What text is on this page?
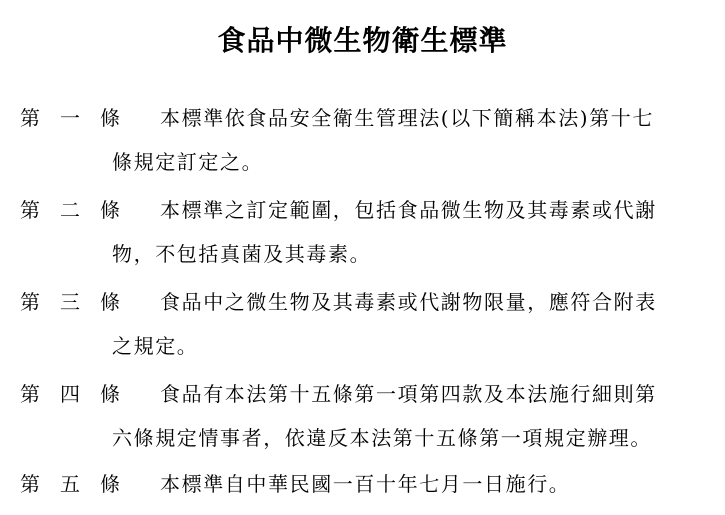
食品中微生物衛生標準
第 一 條 本標準依食品安全衛生管理法(以下簡稱本法)第十七
條規定訂定之。
第 二 條 本標準之訂定範圍，包括食品微生物及其毒素或代謝
物，不包括真菌及其毒素。
第 三 條 食品中之微生物及其毒素或代謝物限量，應符合附表
之規定。
第 四 條 食品有本法第十五條第一項第四款及本法施行細則第
六條規定情事者，依違反本法第十五條第一項規定辦理。
第 五 條 本標準自中華民國一百十年七月一日施行。
